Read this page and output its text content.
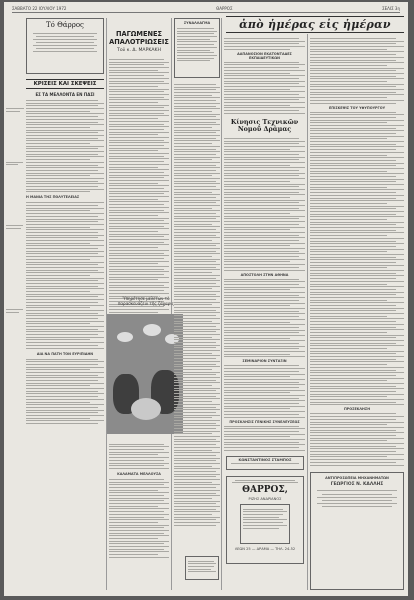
ΣΑΒΒΑΤΟ 22 ΙΟΥΛΙΟΥ 1972	ΘΑΡΡΟΣ	ΣΕΛΙΣ 3η
Τό Θάρρος
ΚΡΙΣΕΙΣ ΚΑΙ ΣΚΕΨΕΙΣ
ΕΣ ΤΑ ΜΕΛΛΟΝΤΑ ΕΝ ΠΑΣΙ
Η ΜΑΝΙΑ ΤΗΣ ΠΟΛΥΤΕΛΕΙΑΣ
ΔΙΑ ΝΑ ΠΑΤΗ ΤΟΝ ΕΥΡΙΠΙΔΗΝ
ΠΑΓΩΜΕΝΕΣ ΑΠΑΛΟΤΡΙΩΣΕΙΣ
Τοῦ κ. Δ. ΜΑΡΚΑΚΗ
Ὑπηρέτησε μελετῶν τὸ παρασκευάζειν τῆς ζάχαρις
ΚΑΛΑΜΑΤΑ ΜΕΛΛΟΥΣΑ
ΣΥΝΑΛΛΑΓΜΑ
ΔΑΠΑΝΟΣΙΟΝ ΕΚΑΤΟΝΤΑΔΕΣ ΕΚΠΑΙΔΕΥΤΙΚΩΝ
Κίνησις Τεχνικῶν Νομοῦ Δράμας
ΑΠΟΣΤΟΛΗ ΣΤΗΝ ΑΘΗΝΑ
ΣΕΜΙΝΑΡΙΟΝ ΣΥΝΤΑΞΙΝ
ΠΡΟΣΚΛΗΣΙΣ ΓΕΝΙΚΗΣ ΣΥΝΕΛΕΥΣΕΩΣ
ΚΩΝΣΤΑΝΤΙΝΟΣ ΣΤΑΜΠΟΣ
ΘΑΡΡΟΣ,
ΡΙΖΗΣ ΑΝΔΡΙΑΝΟΣ
ΛΕΩΝ 25 — ΔΡΑΜΑ — ΤΗΛ. 24-52
ΕΠΙΣΚΕΨΙΣ ΤΟΥ ΥΦΥΠΟΥΡΓΟΥ
ΠΡΟΣΕΚΛΗΣΗ
ἀπὸ ἡμέρας εἰς ἡμέραν
ΑΝΤΙΠΡΟΣΩΠΕΙΑ ΜΗΧΑΝΗΜΑΤΩΝ
ΓΕΩΡΓΙΟΣ Ν. ΚΑΛΛΗΣ
